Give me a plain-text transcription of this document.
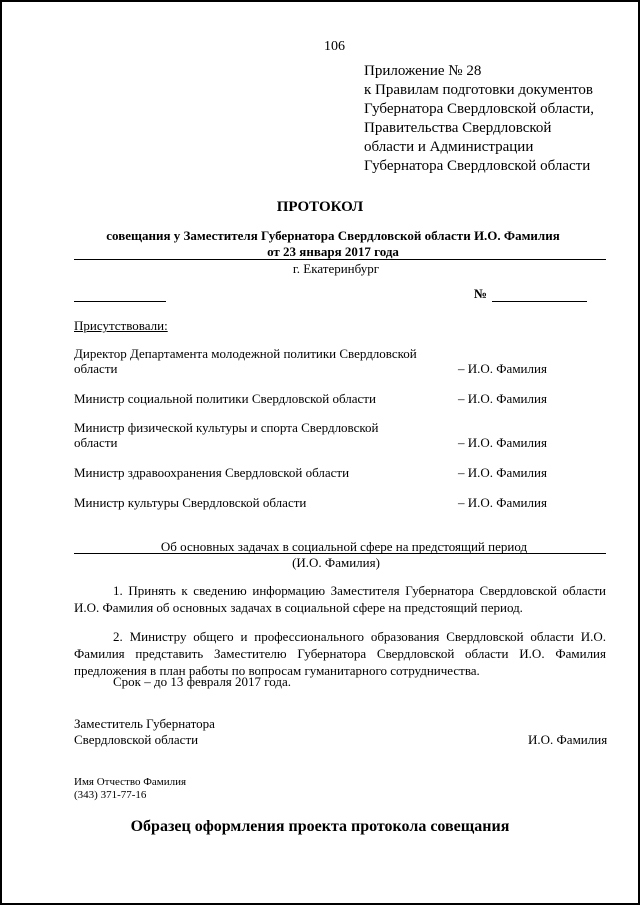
106
Приложение № 28
к Правилам подготовки документов
Губернатора Свердловской области,
Правительства Свердловской
области и Администрации
Губернатора Свердловской области
ПРОТОКОЛ
совещания у Заместителя Губернатора Свердловской области И.О. Фамилия
от 23 января 2017 года
г. Екатеринбург
№
Присутствовали:
Директор Департамента молодежной политики Свердловской
области	– И.О. Фамилия
Министр социальной политики Свердловской области	– И.О. Фамилия
Министр физической культуры и спорта Свердловской
области	– И.О. Фамилия
Министр здравоохранения Свердловской области	– И.О. Фамилия
Министр культуры Свердловской области	– И.О. Фамилия
Об основных задачах в социальной сфере на предстоящий период
(И.О. Фамилия)
1. Принять к сведению информацию Заместителя Губернатора Свердловской области И.О. Фамилия об основных задачах в социальной сфере на предстоящий период.
2. Министру общего и профессионального образования Свердловской области И.О. Фамилия представить Заместителю Губернатора Свердловской области И.О. Фамилия предложения в план работы по вопросам гуманитарного сотрудничества.
Срок – до 13 февраля 2017 года.
Заместитель Губернатора
Свердловской области	И.О. Фамилия
Имя Отчество Фамилия
(343) 371-77-16
Образец оформления проекта протокола совещания
